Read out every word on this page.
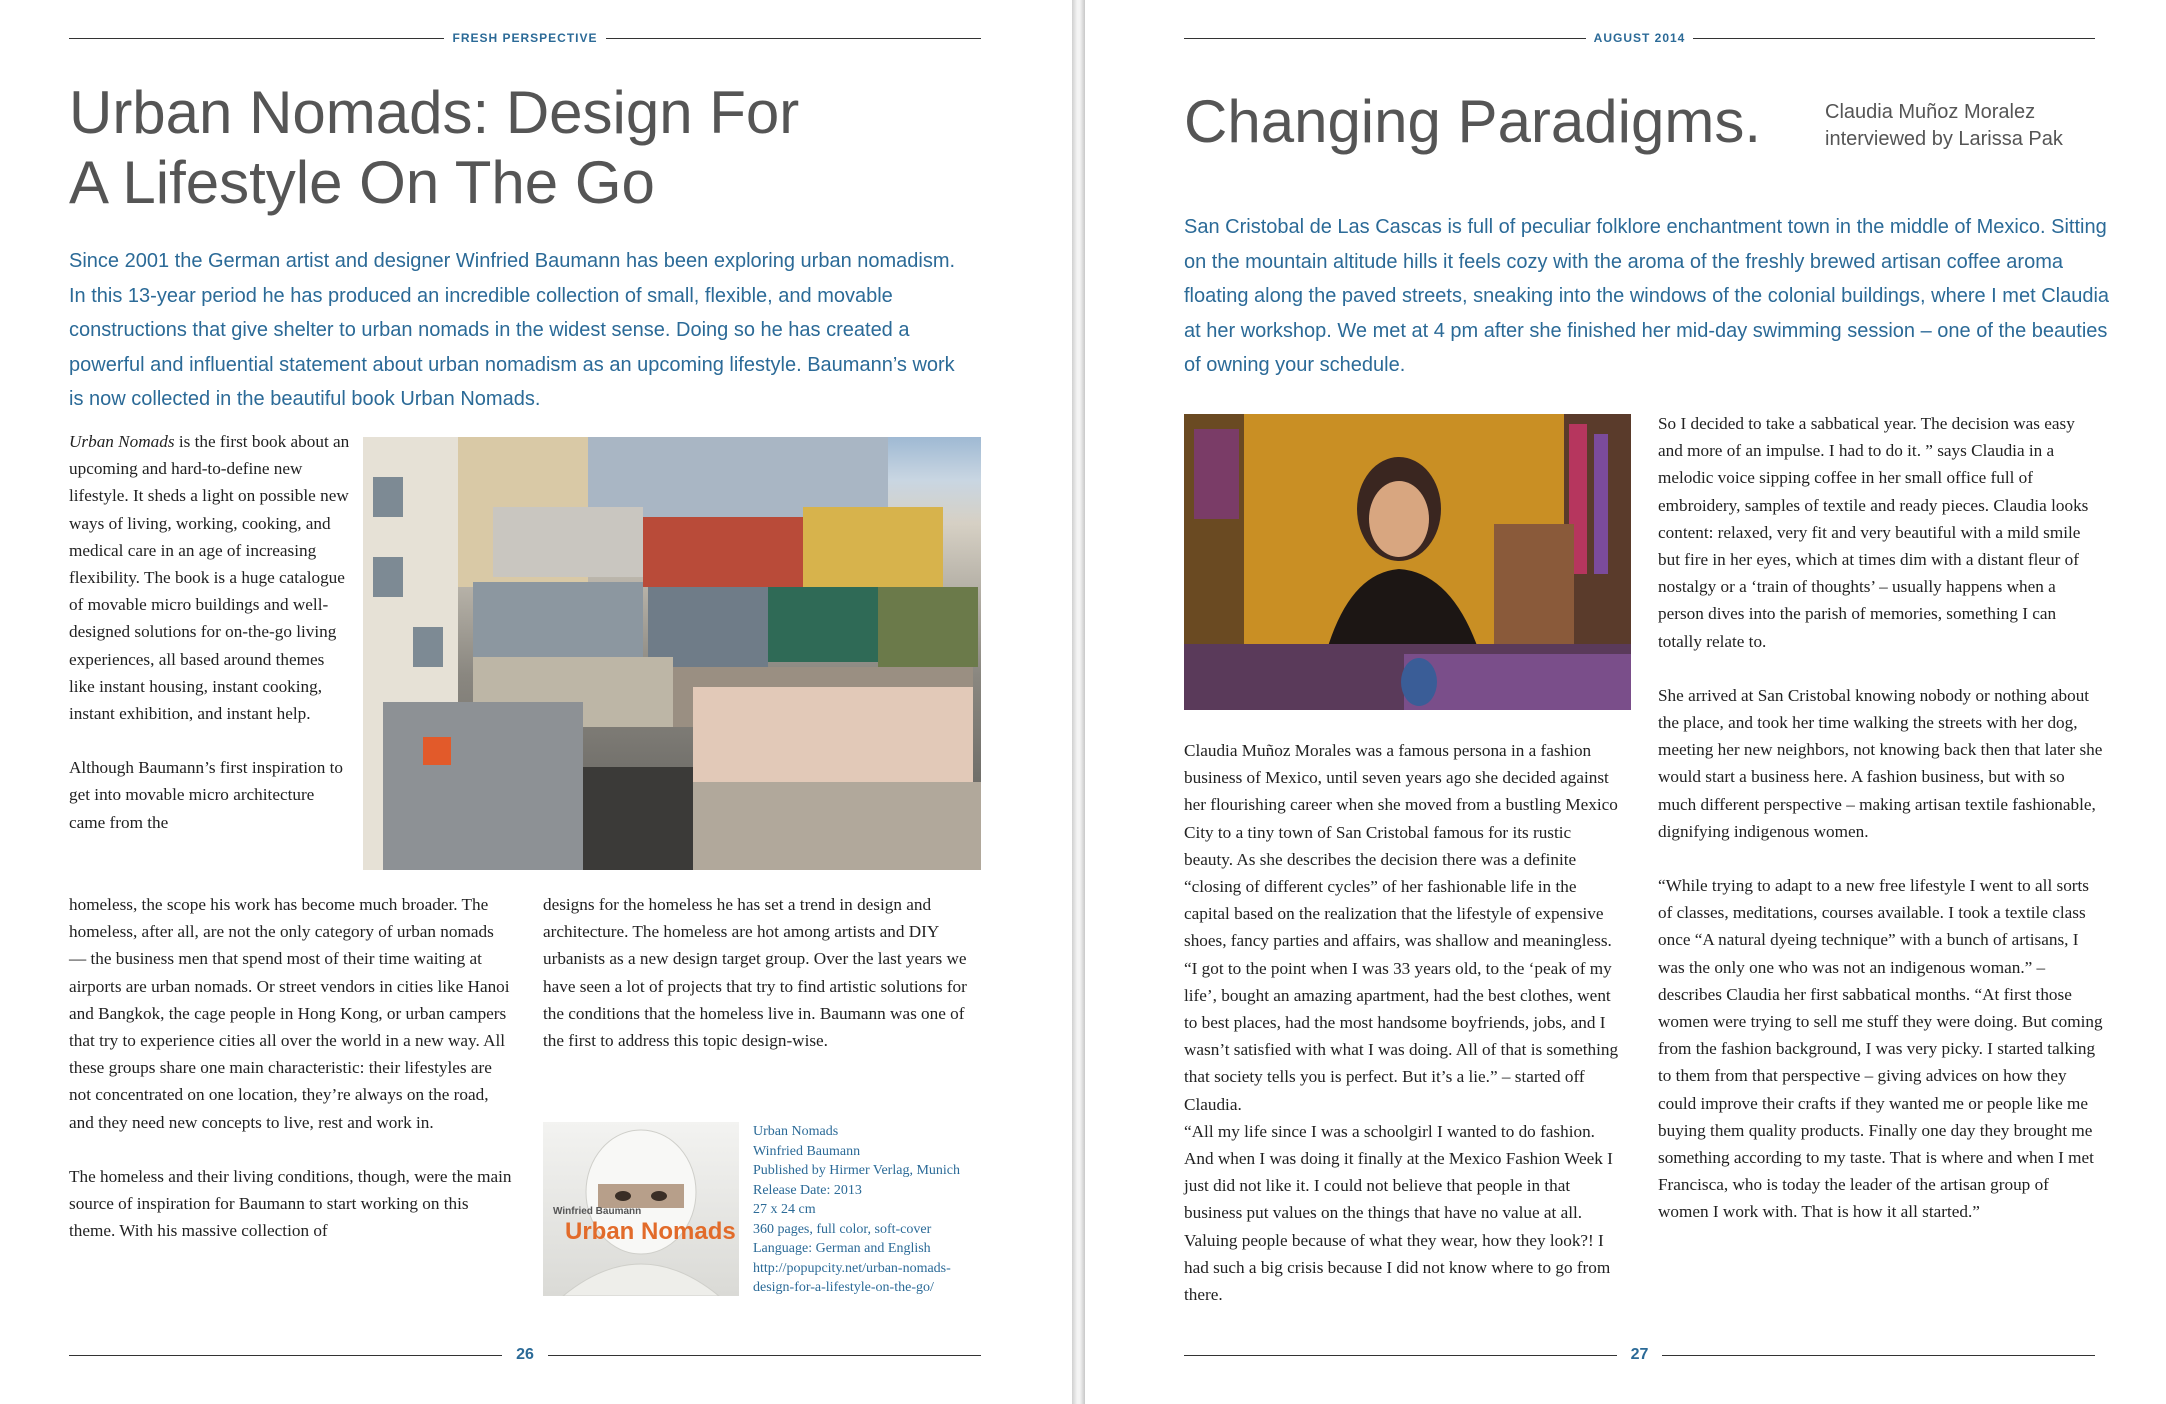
FRESH PERSPECTIVE
Urban Nomads: Design For
A Lifestyle On The Go

Since 2001 the German artist and designer Winfried Baumann has been exploring urban nomadism. In this 13-year period he has produced an incredible collection of small, flexible, and movable constructions that give shelter to urban nomads in the widest sense. Doing so he has created a powerful and influential statement about urban nomadism as an upcoming lifestyle. Baumann’s work is now collected in the beautiful book Urban Nomads.

Urban Nomads is the first book about an upcoming and hard-to-define new lifestyle. It sheds a light on possible new ways of living, working, cooking, and medical care in an age of increasing flexibility. The book is a huge catalogue of movable micro buildings and well-designed solutions for on-the-go living experiences, all based around themes like instant housing, instant cooking, instant exhibition, and instant help.

Although Baumann’s first inspiration to get into movable micro architecture came from the

homeless, the scope his work has become much broader. The homeless, after all, are not the only category of urban nomads — the business men that spend most of their time waiting at airports are urban nomads. Or street vendors in cities like Hanoi and Bangkok, the cage people in Hong Kong, or urban campers that try to experience cities all over the world in a new way. All these groups share one main characteristic: their lifestyles are not concentrated on one location, they’re always on the road, and they need new concepts to live, rest and work in.

The homeless and their living conditions, though, were the main source of inspiration for Baumann to start working on this theme. With his massive collection of

designs for the homeless he has set a trend in design and architecture. The homeless are hot among artists and DIY urbanists as a new design target group. Over the last years we have seen a lot of projects that try to find artistic solutions for the conditions that the homeless live in. Baumann was one of the first to address this topic design-wise.

Winfried Baumann
Urban Nomads
Urban Nomads
Winfried Baumann
Published by Hirmer Verlag, Munich
Release Date: 2013
27 x 24 cm
360 pages, full color, soft-cover
Language: German and English
http://popupcity.net/urban-nomads-
design-for-a-lifestyle-on-the-go/
26
AUGUST 2014
Changing Paradigms.	Claudia Muñoz Moralez
interviewed by Larissa Pak

San Cristobal de Las Cascas is full of peculiar folklore enchantment town in the middle of Mexico. Sitting on the mountain altitude hills it feels cozy with the aroma of the freshly brewed artisan coffee aroma floating along the paved streets, sneaking into the windows of the colonial buildings, where I met Claudia at her workshop. We met at 4 pm after she finished her mid-day swimming session – one of the beauties of owning your schedule.

Claudia Muñoz Morales was a famous persona in a fashion business of Mexico, until seven years ago she decided against her flourishing career when she moved from a bustling Mexico City to a tiny town of San Cristobal famous for its rustic beauty. As she describes the decision there was a definite “closing of different cycles” of her fashionable life in the capital based on the realization that the lifestyle of expensive shoes, fancy parties and affairs, was shallow and meaningless. “I got to the point when I was 33 years old, to the ‘peak of my life’, bought an amazing apartment, had the best clothes, went to best places, had the most handsome boyfriends, jobs, and I wasn’t satisfied with what I was doing. All of that is something that society tells you is perfect. But it’s a lie.” – started off Claudia.

“All my life since I was a schoolgirl I wanted to do fashion. And when I was doing it finally at the Mexico Fashion Week I just did not like it. I could not believe that people in that business put values on the things that have no value at all. Valuing people because of what they wear, how they look?! I had such a big crisis because I did not know where to go from there.

So I decided to take a sabbatical year. The decision was easy and more of an impulse. I had to do it. ” says Claudia in a melodic voice sipping coffee in her small office full of embroidery, samples of textile and ready pieces. Claudia looks content: relaxed, very fit and very beautiful with a mild smile but fire in her eyes, which at times dim with a distant fleur of nostalgy or a ‘train of thoughts’ – usually happens when a person dives into the parish of memories, something I can totally relate to.

She arrived at San Cristobal knowing nobody or nothing about the place, and took her time walking the streets with her dog, meeting her new neighbors, not knowing back then that later she would start a business here. A fashion business, but with so much different perspective – making artisan textile fashionable, dignifying indigenous women.

“While trying to adapt to a new free lifestyle I went to all sorts of classes, meditations, courses available. I took a textile class once “A natural dyeing technique” with a bunch of artisans, I was the only one who was not an indigenous woman.” – describes Claudia her first sabbatical months. “At first those women were trying to sell me stuff they were doing. But coming from the fashion background, I was very picky. I started talking to them from that perspective – giving advices on how they could improve their crafts if they wanted me or people like me buying them quality products. Finally one day they brought me something according to my taste. That is where and when I met Francisca, who is today the leader of the artisan group of women I work with. That is how it all started.”

27
